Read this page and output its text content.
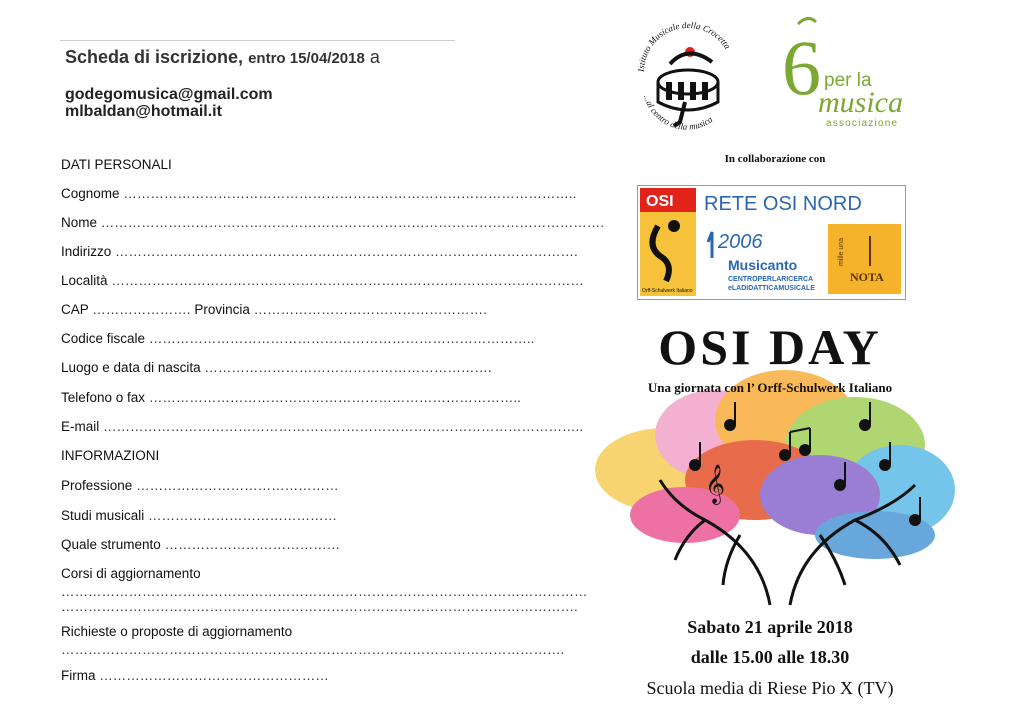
Scheda di iscrizione, entro 15/04/2018 a
godegomusica@gmail.com
mlbaldan@hotmail.it
DATI PERSONALI
Cognome ………………………………………………………………………………………..
Nome ………………………………………………………………………………………………….
Indirizzo ………………………………………………………………………………………….
Località ……………………………………………………………………………………………
CAP …………………. Provincia …………………………………………….
Codice fiscale …………………………………………………………………………..
Luogo e data di nascita ……………………………………………………….
Telefono o fax ………………………………………………………………………..
E-mail ……………………………………………………………………………………………..
INFORMAZIONI
Professione ………………………………………
Studi musicali ……………………………………
Quale strumento …………………………………
Corsi di aggiornamento
………………………………………………………………………………………………………
…………………………………………………………………………………………………….
Richieste o proposte di aggiornamento
………………………………………………………………………………………………….
Firma ……………………………………………
Istituto Musicale della Crocetta
...al centro della musica
6 per la
musica
associazione
In collaborazione con
OSI
Orff-Schulwerk Italiano
RETE OSI NORD
2006
Musicanto
CENTROPERLARICERCA
eLADIDATTICAMUSICALE
NOTA
mille una
𝄞
OSI DAY
Una giornata con l’ Orff-Schulwerk Italiano
Sabato 21 aprile 2018
dalle 15.00 alle 18.30
Scuola media di Riese Pio X (TV)
